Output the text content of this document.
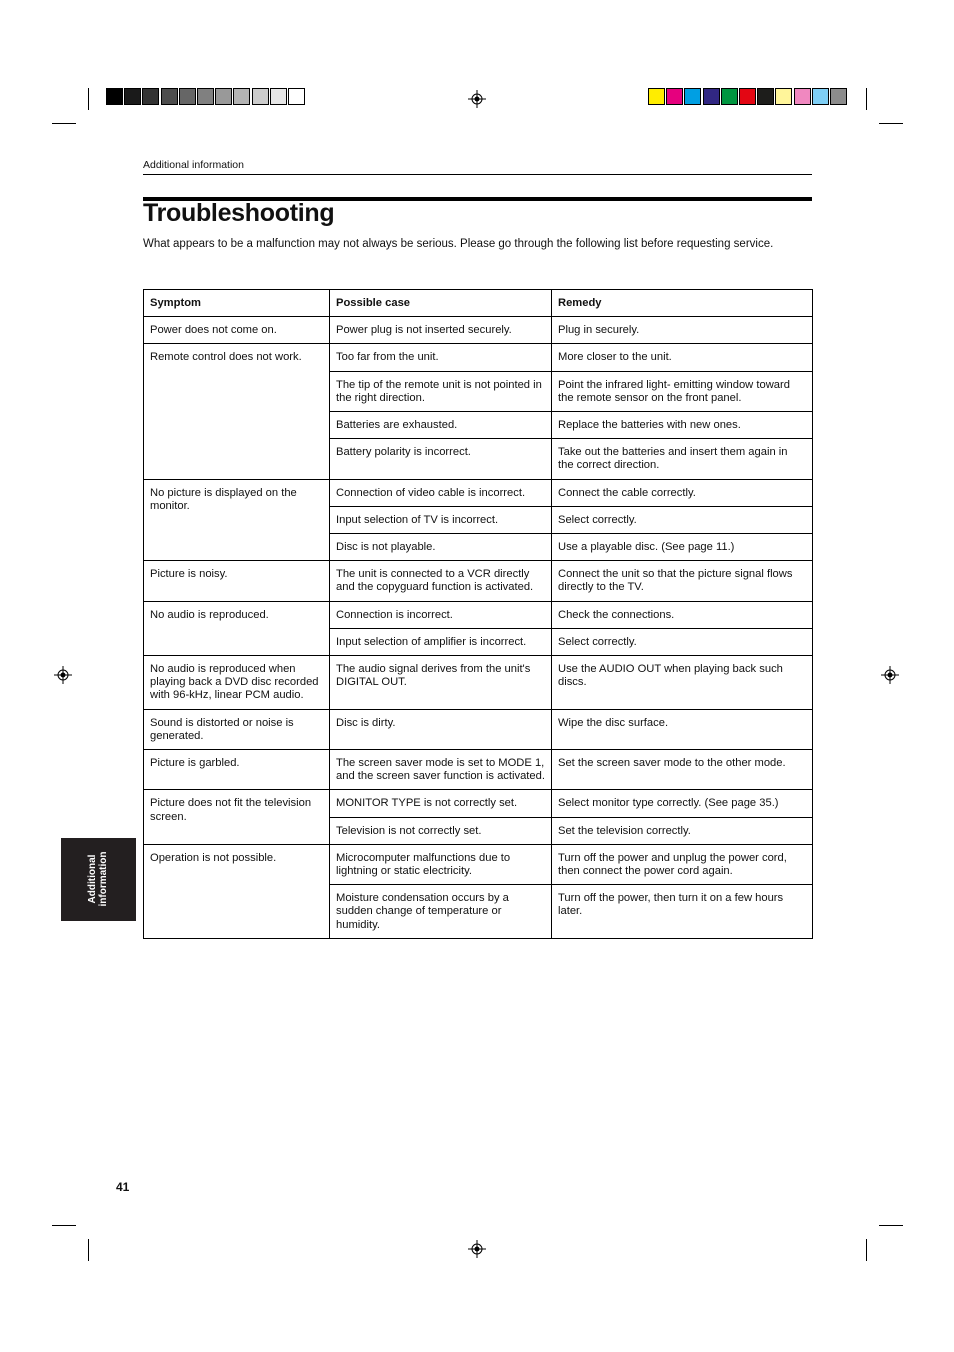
Additional information
Troubleshooting
What appears to be a malfunction may not always be serious. Please go through the following list before requesting service.
Symptom	Possible case	Remedy
Power does not come on.	Power plug is not inserted securely.	Plug in securely.
Remote control does not work.	Too far from the unit.	More closer to the unit.
	The tip of the remote unit is not pointed in the right direction.	Point the infrared light- emitting window toward the remote sensor on the front panel.
	Batteries are exhausted.	Replace the batteries with new ones.
	Battery polarity is incorrect.	Take out the batteries and insert them again in the correct direction.
No picture is displayed on the monitor.	Connection of video cable is incorrect.	Connect the cable correctly.
	Input selection of TV is incorrect.	Select correctly.
	Disc is not playable.	Use a playable disc. (See page 11.)
Picture is noisy.	The unit is connected to a VCR directly and the copyguard function is activated.	Connect the unit so that the picture signal flows directly to the TV.
No audio is reproduced.	Connection is incorrect.	Check the connections.
	Input selection of amplifier is incorrect.	Select correctly.
No audio is reproduced when playing back a DVD disc recorded with 96-kHz, linear PCM audio.	The audio signal derives from the unit's DIGITAL OUT.	Use the AUDIO OUT when playing back such discs.
Sound is distorted or noise is generated.	Disc is dirty.	Wipe the disc surface.
Picture is garbled.	The screen saver mode is set to MODE 1, and the screen saver function is activated.	Set the screen saver mode to the other mode.
Picture does not fit the television screen.	MONITOR TYPE is not correctly set.	Select monitor type correctly. (See page 35.)
	Television is not correctly set.	Set the television correctly.
Operation is not possible.	Microcomputer malfunctions due to lightning or static electricity.	Turn off the power and unplug the power cord, then connect the power cord again.
	Moisture condensation occurs by a sudden change of temperature or humidity.	Turn off the power, then turn it on a few hours later.
Additional information
41
